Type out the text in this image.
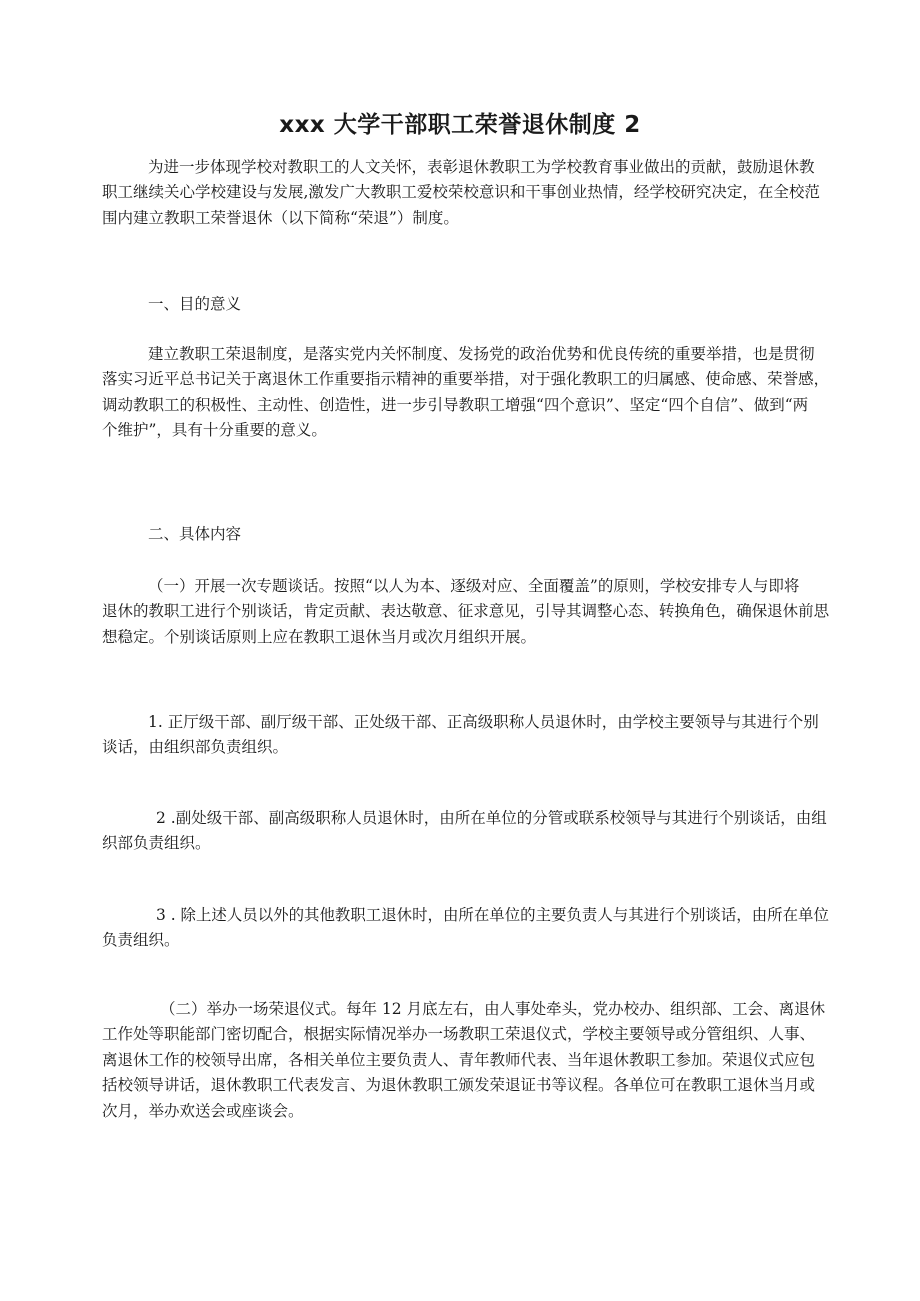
xxx 大学干部职工荣誉退休制度 2

为进一步体现学校对教职工的人文关怀，表彰退休教职工为学校教育事业做出的贡献，鼓励退休教
职工继续关心学校建设与发展,激发广大教职工爱校荣校意识和干事创业热情，经学校研究决定，在全校范
围内建立教职工荣誉退休（以下简称“荣退”）制度。

一、目的意义

建立教职工荣退制度，是落实党内关怀制度、发扬党的政治优势和优良传统的重要举措，也是贯彻
落实习近平总书记关于离退休工作重要指示精神的重要举措，对于强化教职工的归属感、使命感、荣誉感，
调动教职工的积极性、主动性、创造性，进一步引导教职工增强“四个意识”、坚定“四个自信”、做到“两
个维护”，具有十分重要的意义。

二、具体内容

（一）开展一次专题谈话。按照“以人为本、逐级对应、全面覆盖”的原则，学校安排专人与即将
退休的教职工进行个别谈话，肯定贡献、表达敬意、征求意见，引导其调整心态、转换角色，确保退休前思
想稳定。个别谈话原则上应在教职工退休当月或次月组织开展。

1. 正厅级干部、副厅级干部、正处级干部、正高级职称人员退休时，由学校主要领导与其进行个别
谈话，由组织部负责组织。

2 .副处级干部、副高级职称人员退休时，由所在单位的分管或联系校领导与其进行个别谈话，由组
织部负责组织。

3 . 除上述人员以外的其他教职工退休时，由所在单位的主要负责人与其进行个别谈话，由所在单位
负责组织。

（二）举办一场荣退仪式。每年 12 月底左右，由人事处牵头，党办校办、组织部、工会、离退休
工作处等职能部门密切配合，根据实际情况举办一场教职工荣退仪式，学校主要领导或分管组织、人事、
离退休工作的校领导出席，各相关单位主要负责人、青年教师代表、当年退休教职工参加。荣退仪式应包
括校领导讲话，退休教职工代表发言、为退休教职工颁发荣退证书等议程。各单位可在教职工退休当月或
次月，举办欢送会或座谈会。
